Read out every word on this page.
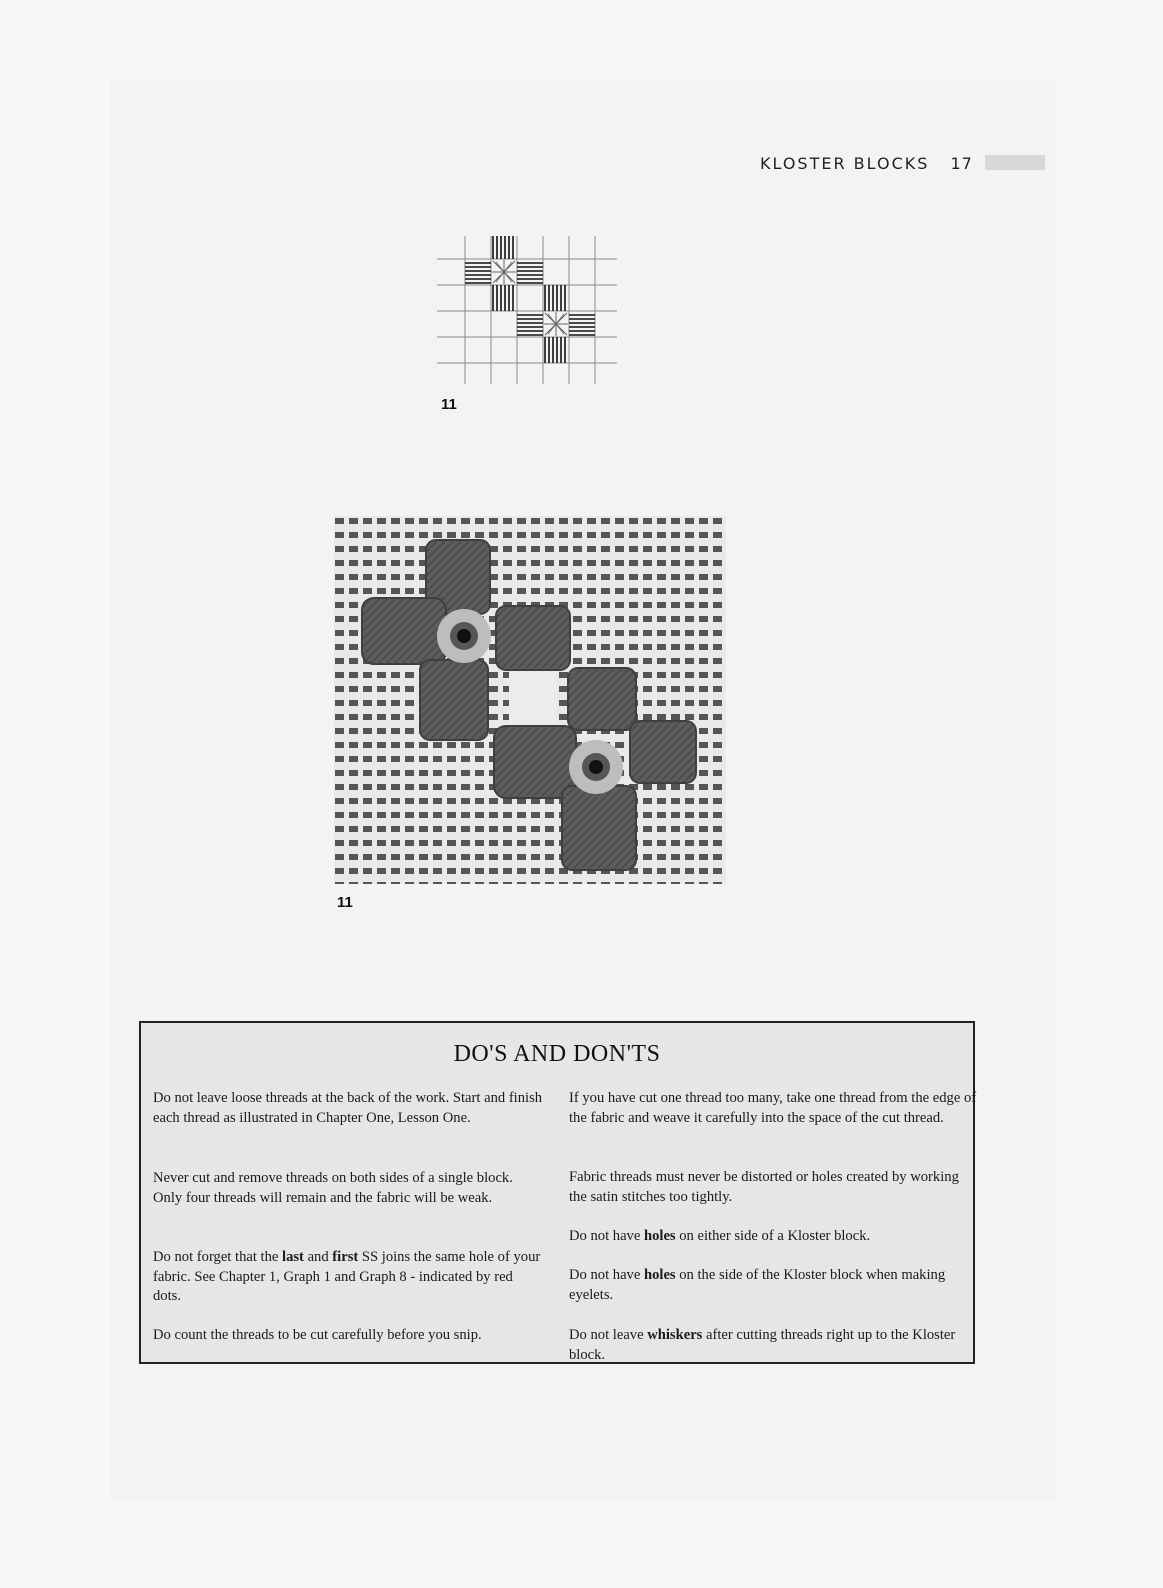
KLOSTER BLOCKS 17
11
11
DO'S AND DON'TS

Do not leave loose threads at the back of the work. Start and finish each thread as illustrated in Chapter One, Lesson One.

Never cut and remove threads on both sides of a single block. Only four threads will remain and the fabric will be weak.

Do not forget that the last and first SS joins the same hole of your fabric. See Chapter 1, Graph 1 and Graph 8 - indicated by red dots.

Do count the threads to be cut carefully before you snip.

If you have cut one thread too many, take one thread from the edge of the fabric and weave it carefully into the space of the cut thread.

Fabric threads must never be distorted or holes created by working the satin stitches too tightly.

Do not have holes on either side of a Kloster block.

Do not have holes on the side of the Kloster block when making eyelets.

Do not leave whiskers after cutting threads right up to the Kloster block.
